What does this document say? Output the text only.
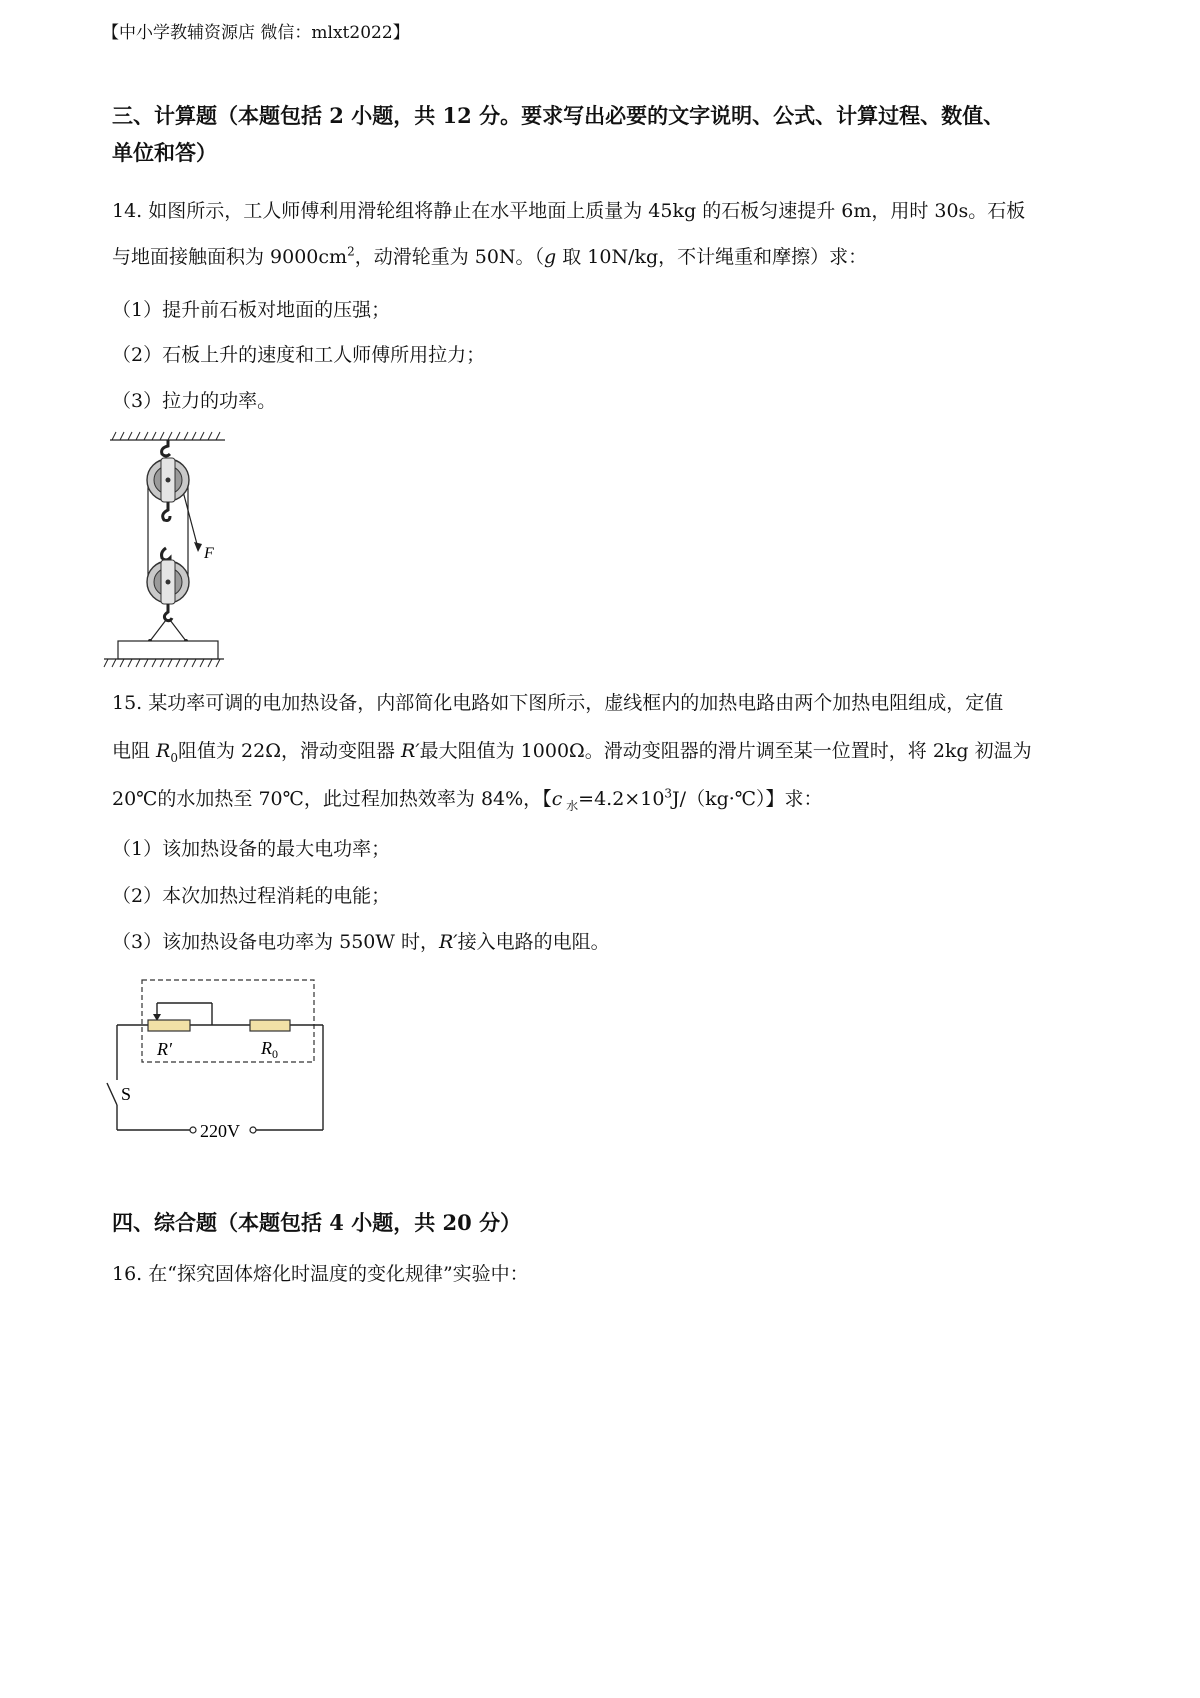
【中小学教辅资源店 微信：mlxt2022】
三、计算题（本题包括 2 小题，共 12 分。要求写出必要的文字说明、公式、计算过程、数值、
单位和答）
14. 如图所示，工人师傅利用滑轮组将静止在水平地面上质量为 45kg 的石板匀速提升 6m，用时 30s。石板
与地面接触面积为 $9000cm^2$，动滑轮重为 50N。（g 取 10N/kg，不计绳重和摩擦）求：
（1）提升前石板对地面的压强；
（2）石板上升的速度和工人师傅所用拉力；
（3）拉力的功率。
F
15. 某功率可调的电加热设备，内部简化电路如下图所示，虚线框内的加热电路由两个加热电阻组成，定值
电阻 $R_0$阻值为 22Ω，滑动变阻器 R′最大阻值为 1000Ω。滑动变阻器的滑片调至某一位置时，将 2kg 初温为
20℃的水加热至 70℃，此过程加热效率为 84%，【c $_水=4.2\times 10^3J/(kg\cdot℃)$】求：
（1）该加热设备的最大电功率；
（2）本次加热过程消耗的电能；
（3）该加热设备电功率为 550W 时，R′接入电路的电阻。
R′	$R_0$
S
220V
四、综合题（本题包括 4 小题，共 20 分）
16. 在“探究固体熔化时温度的变化规律”实验中：
